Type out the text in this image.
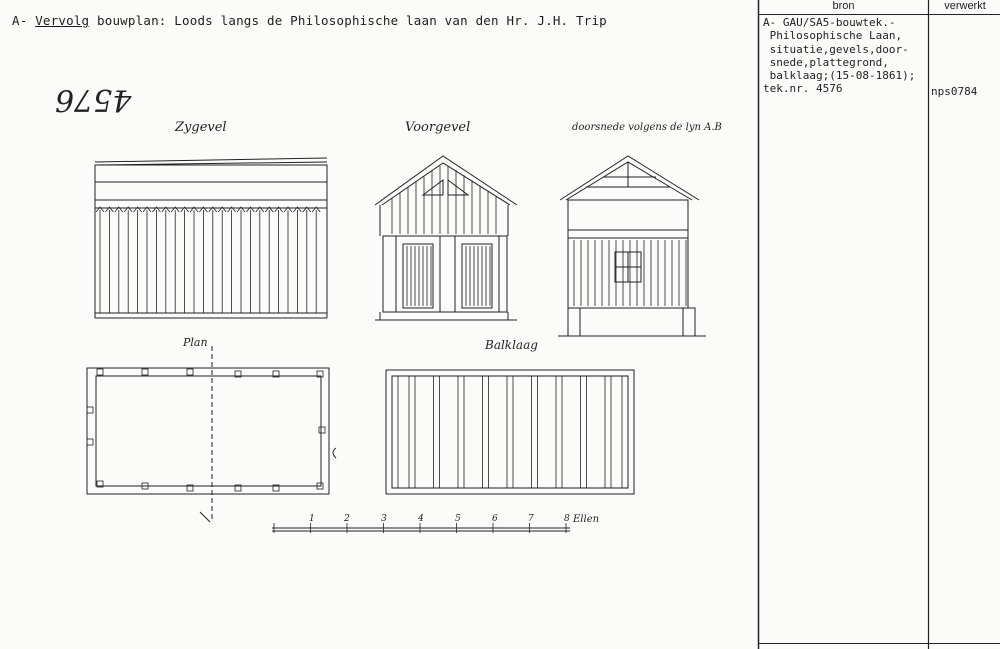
A- Vervolg bouwplan: Loods langs de Philosophische laan van den Hr. J.H. Trip
4576
Zygevel	Voorgevel	doorsnede volgens de lyn A.B
Plan	Balklaag
Ellen
1	2	3	4	5	6	7	8
bron	verwerkt
A- GAU/SA5-bouwtek.-
Philosophische Laan,
situatie,gevels,door-
snede,plattegrond,
balklaag;(15-08-1861);
tek.nr. 4576	nps0784
